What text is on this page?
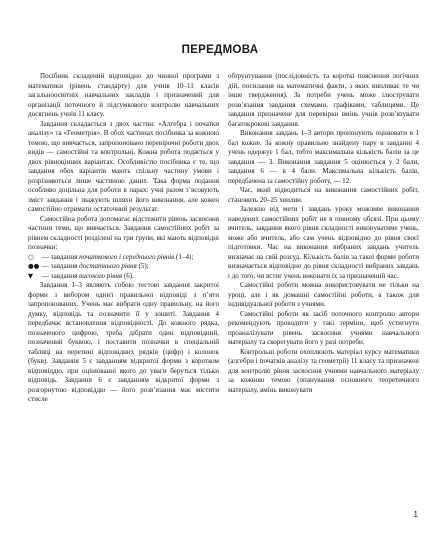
ПЕРЕДМОВА

Посібник складений відповідно до чинної програми з математики (рівень стандарту) для учнів 10–11 класів загальноосвітніх навчальних закладів і призначений для організації поточного й підсумкового контролю навчальних досягнень учнів 11 класу.

Завдання складається з двох частин: «Алгебра і початки аналізу» та «Геометрія». В обох частинах посібника за кожною темою, що вивчається, запропоновано перевірочні роботи двох видів — самостійні та контрольні. Кожна робота подається у двох рівноцінних варіантах. Особливістю посібника є те, що завдання обох варіантів мають спільну частину умови і розрізняються лише частиною даних. Така форма подання особливо доцільна для роботи в парах: учні разом з’ясовують зміст завдання і зважують шляхи його виконання, але кожен самостійно отримати остаточний результат.

Самостійна робота допомагає відстежити рівень засвоєння частини теми, що вивчається. Завдання самостійних робіт за рівнем складності розділені на три групи, які мають відповідні позначки:

○	— завдання початкового і середнього рівнів (1–4);
●● — завдання достатнього рівня (5);
▼	— завдання високого рівня (6).

Завдання 1–3 являють собою тестові завдання закритої форми з вибором однієї правильної відповіді з п’яти запропонованих. Учень має вибрати одну правильну, на його думку, відповідь та позначити її у зошиті. Завдання 4 передбачає встановлення відповідності. До кожного рядка, позначеного цифрою, треба дібрати один відповідний, позначений буквою, і поставити позначки в спеціальній таблиці на перетині відповідних рядків (цифр) і колонок (букв). Завдання 5 є завданням відкритої форми з коротком відповіддю, при оцінюванні якого до уваги беруться тільки відповідь. Завдання 6 є завданням відкритої форми з розгорнутою відповіддю — його розв’язання має містити стисле

обґрунтування (послідовність та короткі пояснення логічних дій, посилання на математичні факти, з яких випливає те чи інше твердження). За потреби учень може ілюструвати розв’язання завдання схемами, графіками, таблицями. Це завдання призначене для перевірки вмінь учнів розв’язувати багатокрокові завдання.

Виконання завдань 1–3 автори пропонують оцінювати в 1 бал кожне. За кожну правильно знайдену пару в завданні 4 учень одержує 1 бал, тобто максимальна кількість балів за це завдання — 3. Виконання завдання 5 оцінюється у 2 бали, завдання 6 — в 4 бали. Максимальна кількість балів, передбачена за самостійну роботу, — 12.

Час, який відводиться на виконання самостійних робіт, становить 20–25 хвилин.

Залежно від мети і завдань уроку можливе виконання наведених самостійних робіт не в повному обсязі. При цьому вчитель, завдання якого рівня складності виконуватиме учень, може або вчитель, або сам учень відповідно до рівня своєї підготовки. Час на виконання вибраних завдань учитель визначає на свій розсуд. Кількість балів за такої форми роботи визначається відповідно до рівня складності вибраних завдань і до того, чи встиг учень виконати їх за призначений час.

Самостійні роботи можна використовувати не тільки на уроці, але і як домашні самостійні роботи, а також для індивідуальної роботи з учнями.

Самостійні роботи як засіб поточного контролю автори рекомендують проводити у такі терміни, щоб устигнути проаналізувати рівень засвоєння учнями навчального матеріалу та скорегувати його у разі потреби.

Контрольні роботи охоплюють матеріал курсу математики (алгебри і початків аналізу та геометрії) 11 класу та призначені для контролю рівня засвоєння учнями навчального матеріалу за кожною темою (опанування основного теоретичного матеріалу, вмінь виконувати

1
